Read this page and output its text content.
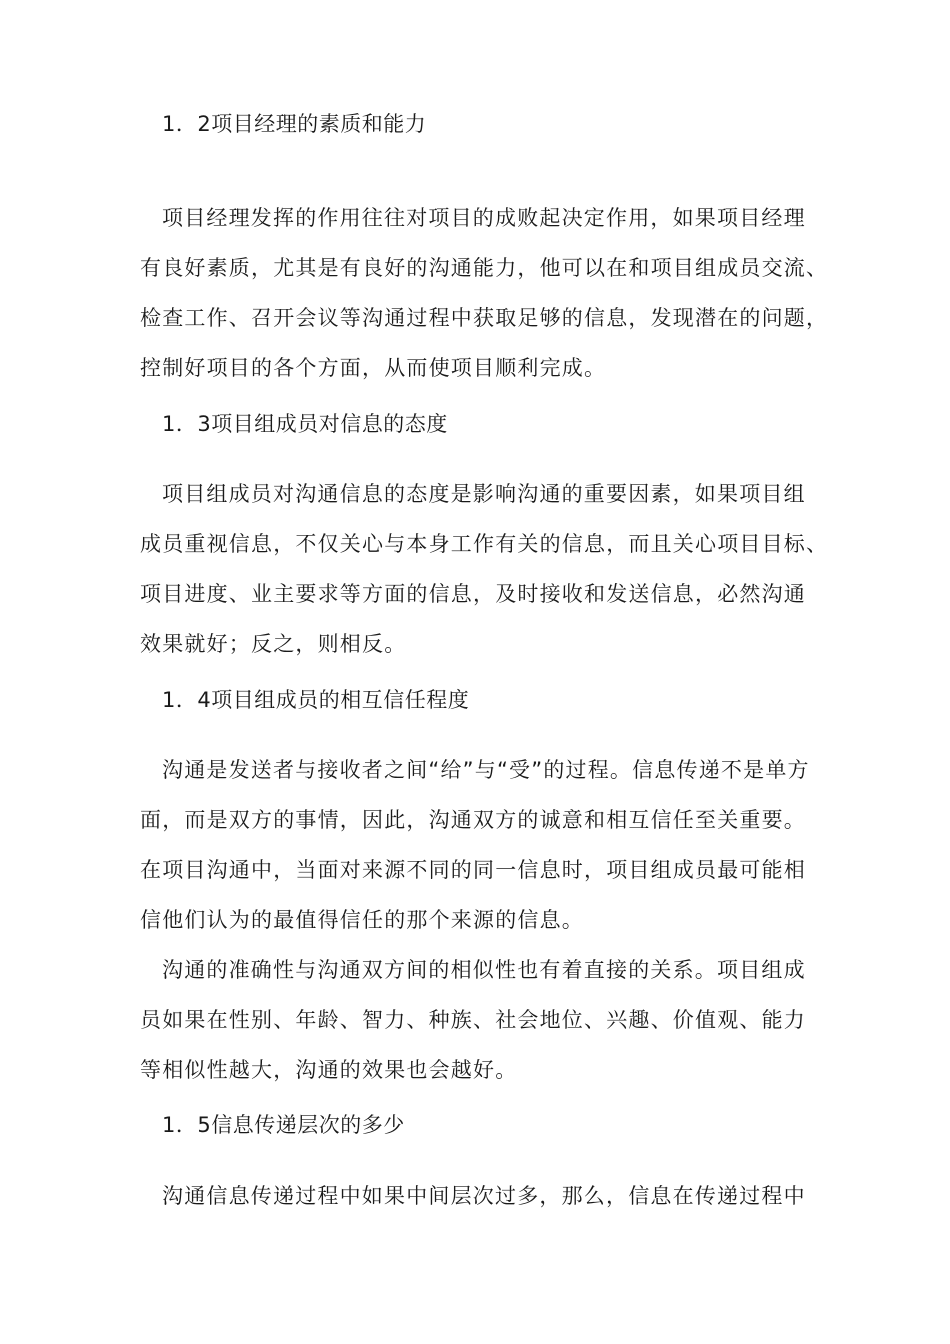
1．2项目经理的素质和能力
项目经理发挥的作用往往对项目的成败起决定作用，如果项目经理
有良好素质，尤其是有良好的沟通能力，他可以在和项目组成员交流、
检查工作、召开会议等沟通过程中获取足够的信息，发现潜在的问题，
控制好项目的各个方面，从而使项目顺利完成。
1．3项目组成员对信息的态度
项目组成员对沟通信息的态度是影响沟通的重要因素，如果项目组
成员重视信息，不仅关心与本身工作有关的信息，而且关心项目目标、
项目进度、业主要求等方面的信息，及时接收和发送信息，必然沟通
效果就好；反之，则相反。
1．4项目组成员的相互信任程度
沟通是发送者与接收者之间“给”与“受”的过程。信息传递不是单方
面，而是双方的事情，因此，沟通双方的诚意和相互信任至关重要。
在项目沟通中，当面对来源不同的同一信息时，项目组成员最可能相
信他们认为的最值得信任的那个来源的信息。
沟通的准确性与沟通双方间的相似性也有着直接的关系。项目组成
员如果在性别、年龄、智力、种族、社会地位、兴趣、价值观、能力
等相似性越大，沟通的效果也会越好。
1．5信息传递层次的多少
沟通信息传递过程中如果中间层次过多，那么，信息在传递过程中
